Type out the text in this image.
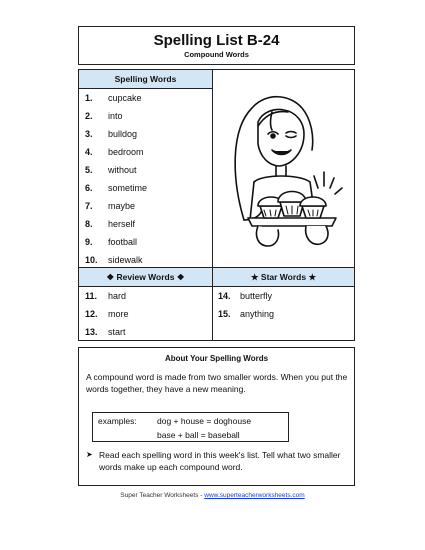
Spelling List B-24
Compound Words
Spelling Words
1. cupcake
2. into
3. bulldog
4. bedroom
5. without
6. sometime
7. maybe
8. herself
9. football
10. sidewalk
❖ Review Words ❖
11. hard
12. more
13. start
★ Star Words ★
14. butterfly
15. anything
About Your Spelling Words
A compound word is made from two smaller words. When you put the words together, they have a new meaning.
examples: dog + house = doghouse
base + ball = baseball
➤ Read each spelling word in this week's list. Tell what two smaller words make up each compound word.
Super Teacher Worksheets - www.superteacherworksheets.com
